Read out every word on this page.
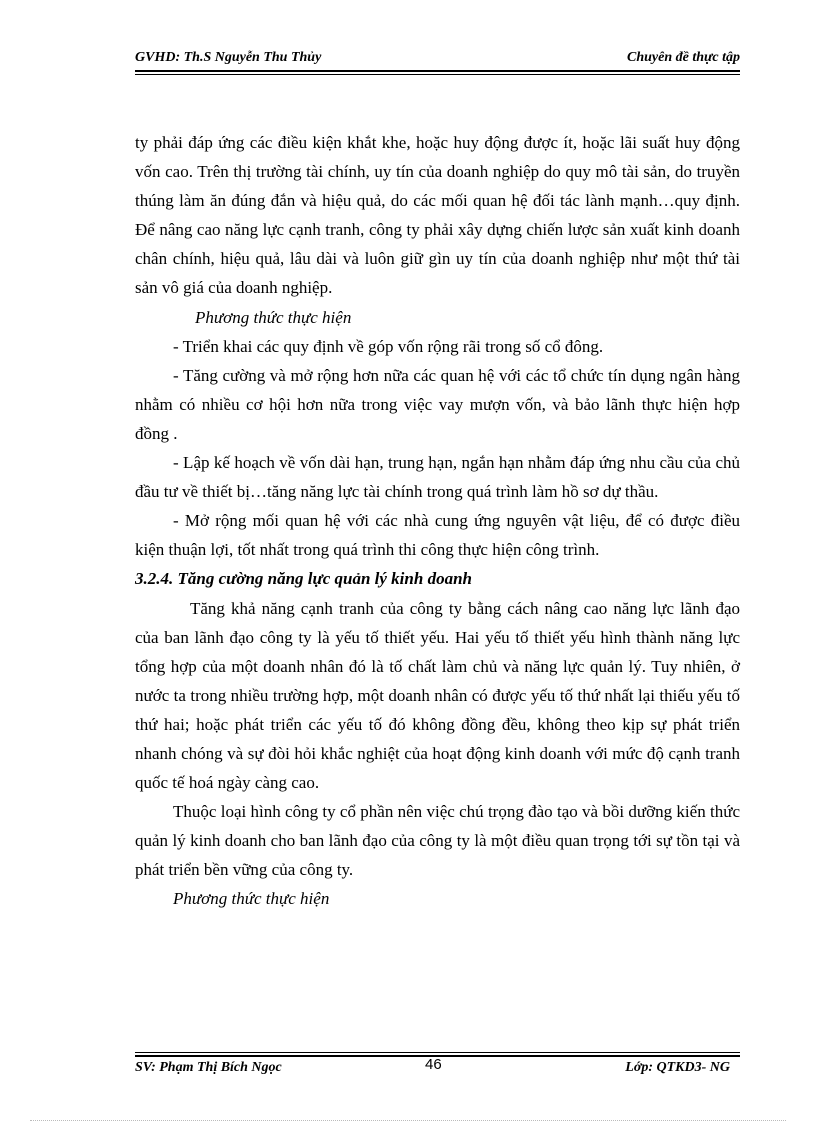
GVHD: Th.S Nguyễn Thu Thủy	Chuyên đề thực tập

ty phải đáp ứng các điều kiện khắt khe, hoặc huy động được ít, hoặc lãi suất huy động vốn cao. Trên thị trường tài chính, uy tín của doanh nghiệp do quy mô tài sản, do truyền thúng làm ăn đúng đắn và hiệu quả, do các mối quan hệ đối tác lành mạnh…quy định. Để nâng cao năng lực cạnh tranh, công ty phải xây dựng chiến lược sản xuất kinh doanh chân chính, hiệu quả, lâu dài và luôn giữ gìn uy tín của doanh nghiệp như một thứ tài sản vô giá của doanh nghiệp.

Phương thức thực hiện

- Triển khai các quy định về góp vốn rộng rãi trong số cổ đông.

- Tăng cường và mở rộng hơn nữa các quan hệ với các tổ chức tín dụng ngân hàng nhằm có nhiều cơ hội hơn nữa trong việc vay mượn vốn, và bảo lãnh thực hiện hợp đồng .

- Lập kế hoạch về vốn dài hạn, trung hạn, ngắn hạn nhằm đáp ứng nhu cầu của chủ đầu tư về thiết bị…tăng năng lực tài chính trong quá trình làm hồ sơ dự thầu.

- Mở rộng mối quan hệ với các nhà cung ứng nguyên vật liệu, để có được điều kiện thuận lợi, tốt nhất trong quá trình thi công thực hiện công trình.

3.2.4. Tăng cường năng lực quản lý kinh doanh

Tăng khả năng cạnh tranh của công ty bằng cách nâng cao năng lực lãnh đạo của ban lãnh đạo công ty là yếu tố thiết yếu. Hai yếu tố thiết yếu hình thành năng lực tổng hợp của một doanh nhân đó là tố chất làm chủ và năng lực quản lý. Tuy nhiên, ở nước ta trong nhiều trường hợp, một doanh nhân có được yếu tố thứ nhất lại thiếu yếu tố thứ hai; hoặc phát triển các yếu tố đó không đồng đều, không theo kịp sự phát triển nhanh chóng và sự đòi hỏi khắc nghiệt của hoạt động kinh doanh với mức độ cạnh tranh quốc tế hoá ngày càng cao.

Thuộc loại hình công ty cổ phần nên việc chú trọng đào tạo và bồi dưỡng kiến thức quản lý kinh doanh cho ban lãnh đạo của công ty là một điều quan trọng tới sự tồn tại và phát triển bền vững của công ty.

Phương thức thực hiện

SV: Phạm Thị Bích Ngọc	46	Lớp: QTKD3- NG
